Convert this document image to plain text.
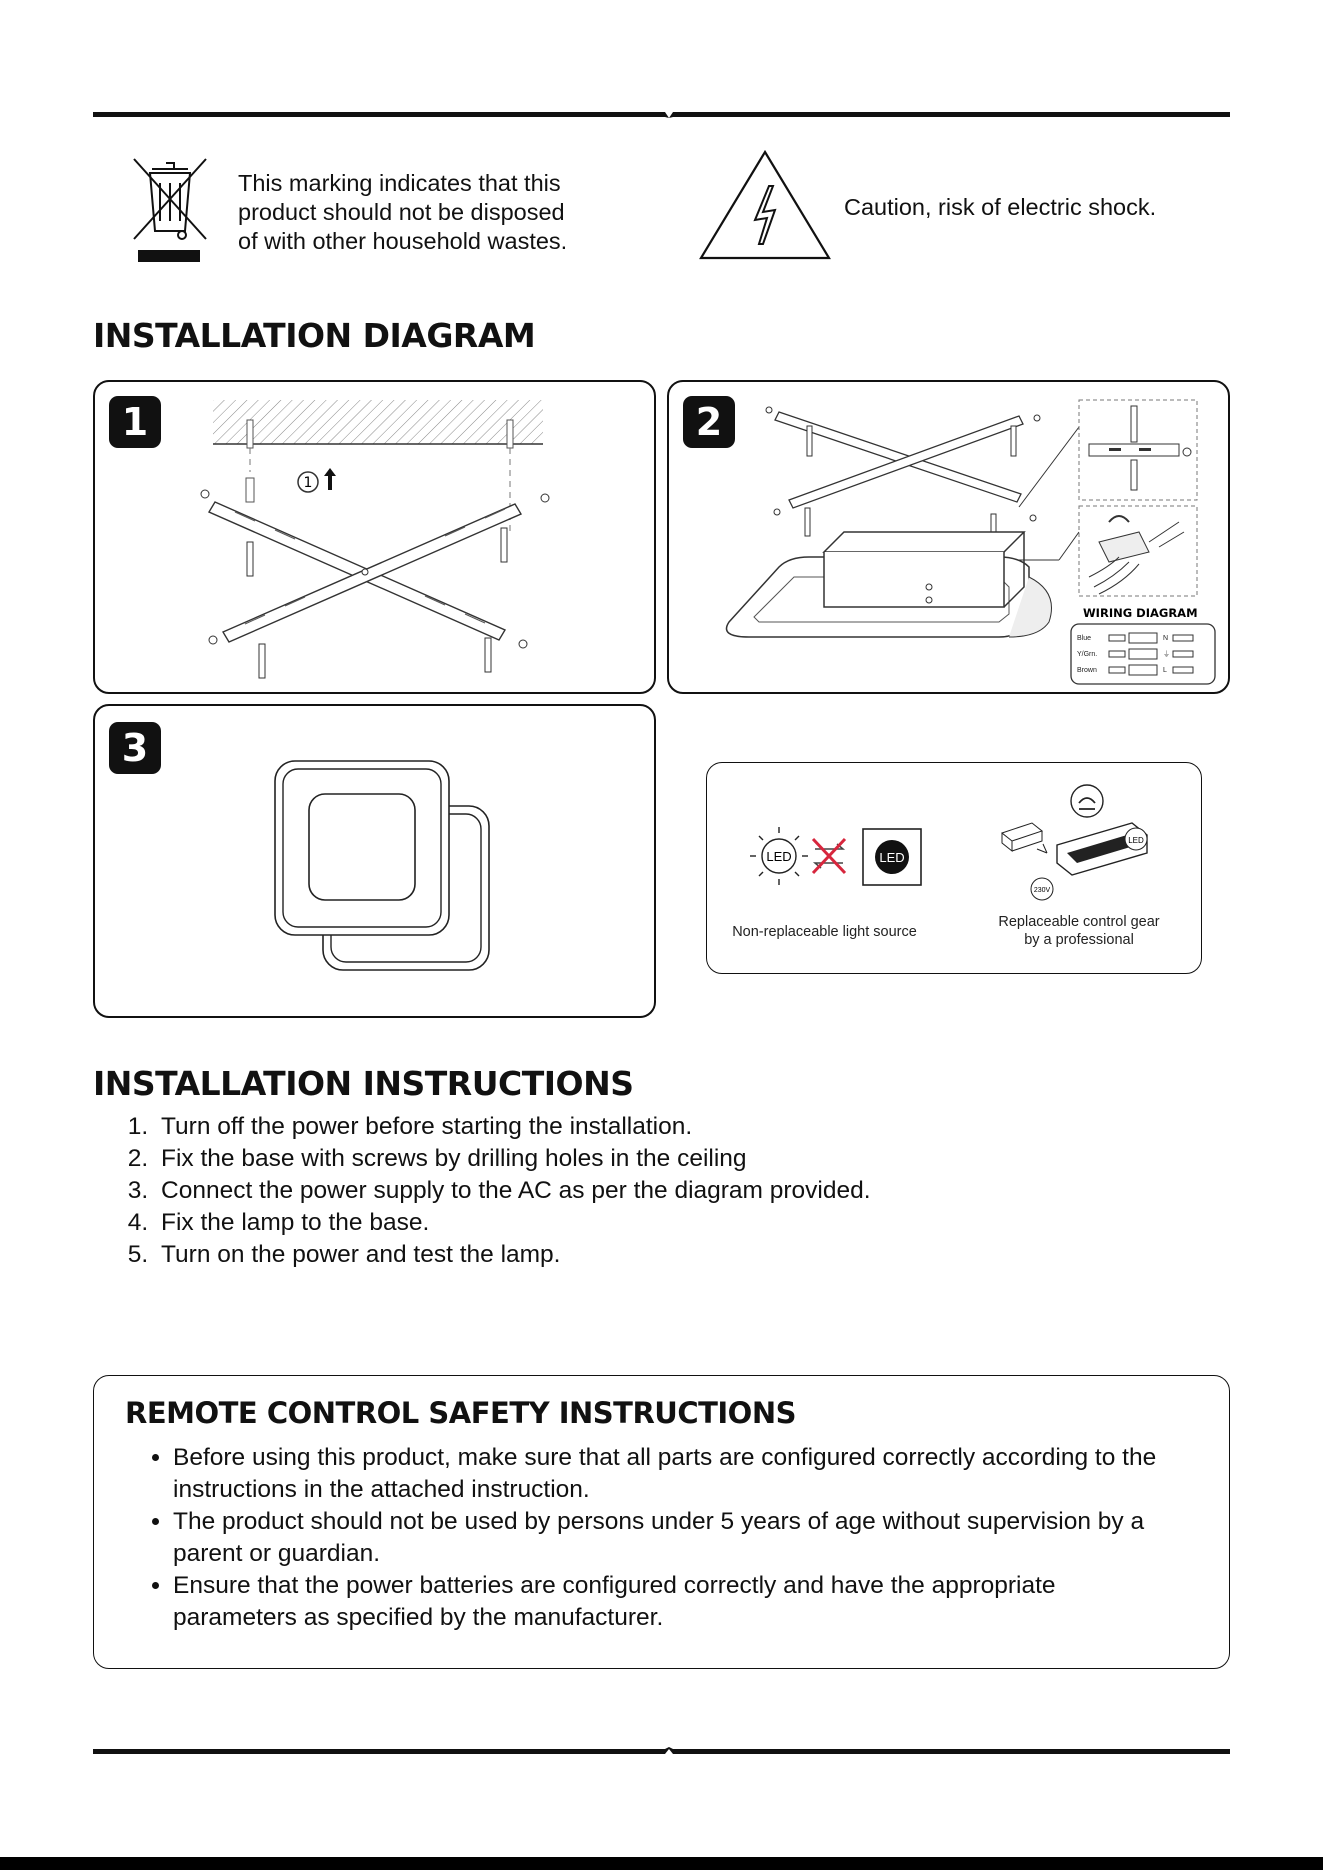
This marking indicates that this
product should not be disposed
of with other household wastes.
Caution, risk of electric shock.
INSTALLATION DIAGRAM
1
1
2
WIRING DIAGRAM
Blue
Y/Grn.
Brown
N
⏚
L
3
LED	LED
LED
230V
Non-replaceable light source
Replaceable control gear
by a professional
INSTALLATION INSTRUCTIONS
1. Turn off the power before starting the installation.
2. Fix the base with screws by drilling holes in the ceiling
3. Connect the power supply to the AC as per the diagram provided.
4. Fix the lamp to the base.
5. Turn on the power and test the lamp.
REMOTE CONTROL SAFETY INSTRUCTIONS
• Before using this product, make sure that all parts are configured correctly according to the instructions in the attached instruction.
• The product should not be used by persons under 5 years of age without supervision by a parent or guardian.
• Ensure that the power batteries are configured correctly and have the appropriate parameters as specified by the manufacturer.
